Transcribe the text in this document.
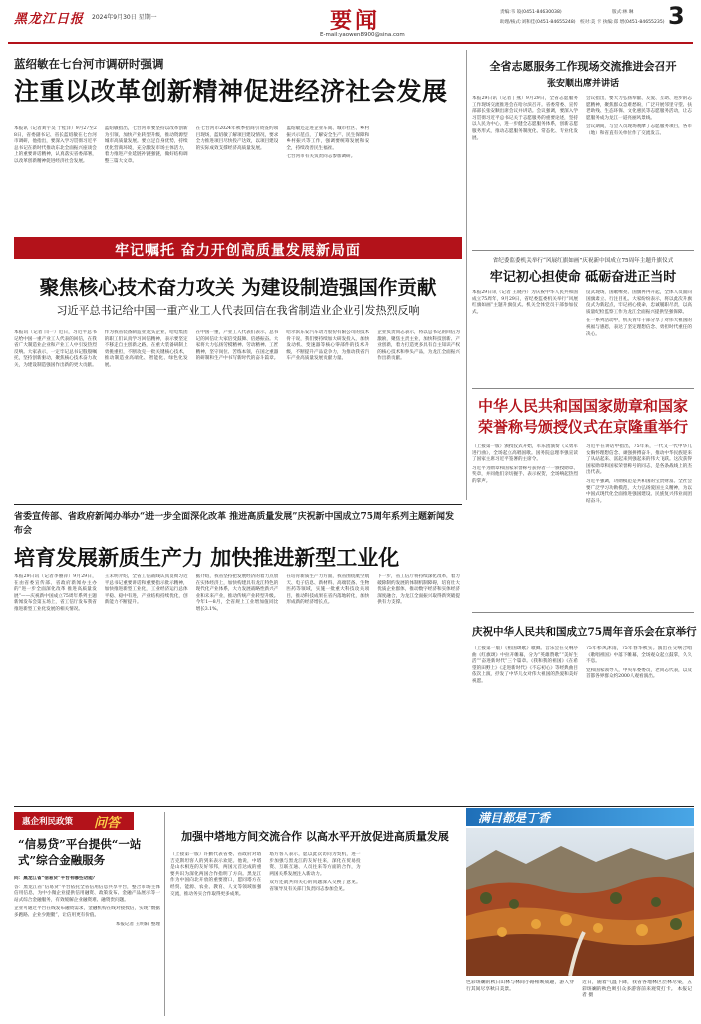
黑龙江日报 2024年9月30日 星期一	要闻
E-mail:yaowen8900@sina.com
责编:韦 皎(0451-84630038)	版式:林 琳
助理/核式:刘和佳(0451-84655248) 校对:美 卡 执编:郑 增(0451-84655235) 3
蓝绍敏在七台河市调研时强调
注重以改革创新精神促进经济社会发展

本报讯（记者刘宇昊 于桂洋）9月27至28日，省委副书记、省长蓝绍敏在七台河市调研，他指出，要深入学习贯彻习近平总书记在新时代推动东北全面振兴座谈会上的重要讲话精神，认真落实省委部署，以改革创新精神促进经济社会发展。

蓝绍敏指出，七台河市要坚持以改革创新为引领，加快产业转型升级，推动资源型城市高质量发展。要立足自身优势，持续优化营商环境，充分激发市场主体活力，着力推进产业延链补链强链，做好结构调整三篇大文章。

在七台河市2024年秋季招商引资签约项目现场，蓝绍敏了解项目建设情况，要求全力推进项目尽快投产达效，以项目建设的实际成效支撑经济高质量发展。

蓝绍敏还走进企业车间、城市社区、乡村振兴示范点，了解安全生产、民生保障和乡村振兴等工作，强调要统筹发展和安全，持续改善民生福祉。

七台河市有关负责同志参加调研。

牢记嘱托 奋力开创高质量发展新局面
聚焦核心技术奋力攻关 为建设制造强国作贡献
习近平总书记给中国一重产业工人代表回信在我省制造业企业引发热烈反响

本报讯（记者 闫一）近日，习近平总书记给中国一重产业工人代表的回信，在我省广大制造业企业和产业工人中引发热烈反响。大家表示，一定牢记总书记殷殷嘱托，坚持创新驱动，聚焦核心技术奋力攻关，为建设制造强国作出新的更大贡献。

作为我省装备制造业龙头企业，哈电集团的职工们认真学习回信精神，表示要坚定不移走自主创新之路，在重大装备研制上勇挑重担，不断攻克一批关键核心技术，推动制造业高端化、智能化、绿色化发展。

在中国一重，产业工人代表们表示，总书记的回信让大家倍受鼓舞、倍感振奋。大家将大力弘扬劳模精神、劳动精神、工匠精神，坚守岗位、苦练本领，在国之重器的研制和生产中书写新时代的奋斗篇章。

哈尔滨东安汽车动力股份有限公司的技术骨干说，我们要持续加大研发投入，加快发动机、变速器等核心零部件的技术升级，不断提升产品竞争力，为推动我省汽车产业高质量发展贡献力量。

企业负责同志表示，将以总书记的回信为激励，聚焦主责主业，加快科技创新、产业创新，着力打造更多具有自主知识产权的核心技术和拳头产品，为龙江全面振兴作出新贡献。

全省志愿服务工作现场交流推进会召开
张安顺出席并讲话

本报29日讯（记者丁燕）9月29日，全省志愿服务工作现场交流推进会在哈尔滨召开。省委常委、宣传部部长张安顺出席会议并讲话。会议强调，要深入学习贯彻习近平总书记关于志愿服务的重要论述，坚持以人民为中心，进一步健全志愿服务体系，创新志愿服务形式，推动志愿服务制度化、常态化、专业化发展。

会议指出，要大力弘扬奉献、友爱、互助、进步的志愿精神，聚焦群众急难愁盼，广泛开展邻里守望、扶老助残、生态环保、文化惠民等志愿服务活动，让志愿服务成为龙江一道亮丽风景线。

会议期间，与会人员现场观摩了志愿服务项目，各市（地）和省直有关单位作了交流发言。

省纪委监委机关举行“风展红旗如画”庆祝新中国成立75周年主题升旗仪式
牢记初心担使命 砥砺奋进正当时

本报29日讯（记者 王晓丹）为庆祝中华人民共和国成立75周年，9月29日，省纪委监委机关举行“风展红旗如画”主题升旗仪式。机关全体党员干部参加仪式。

仪式现场，国歌嘹亮、国旗冉冉升起，全体人员面向国旗肃立、行注目礼。大家纷纷表示，将以此次升旗仪式为新起点，牢记初心使命，忠诚履职尽责，以高质量纪检监察工作为龙江全面振兴提供坚强保障。

在一系列活动中，机关青年干部分享了对伟大祖国的祝福与感恩，表达了坚定理想信念、勇担时代重任的决心。

中华人民共和国国家勋章和国家荣誉称号颁授仪式在京隆重举行

（上接第一版）颁授仪式开始，军乐团演奏《义勇军进行曲》，全场起立高唱国歌。国务院总理李强宣读了国家主席习近平签署的主席令。

习近平为勋章和国家荣誉称号获得者一一颁授勋章、奖章，并同他们亲切握手、表示祝贺，全场响起热烈的掌声。

习近平在讲话中指出，75年来，一代又一代中华儿女胸怀理想信念、顽强拼搏奋斗，推动中华民族迎来了从站起来、富起来到强起来的伟大飞跃。这次获得国家勋章和国家荣誉称号的同志，是各条战线上的杰出代表。

习近平强调，功勋模范是共和国的宝贵财富。全社会要广泛学习功勋模范，大力弘扬爱国主义精神，为以中国式现代化全面推进强国建设、民族复兴伟业而团结奋斗。

省委宣传部、省政府新闻办举办“进一步全面深化改革 推进高质量发展”庆祝新中国成立75周年系列主题新闻发布会
培育发展新质生产力 加快推进新型工业化

本报29日讯（记者李丽萍）9月29日，在由省委宣传部、省政府新闻办主办的“进一步全面深化改革 推进高质量发展”——庆祝新中国成立75周年系列主题新闻发布会第五场上，省工信厅发布我省推进新型工业化发展的相关情况。

王未明介绍，全省工信战线认真贯彻习近平总书记重要讲话和重要指示批示精神，加快推进新型工业化，工业经济运行总体平稳、稳中有进，产业结构持续优化，创新能力不断提升。

据介绍，我省坚持把发展经济的着力点放在实体经济上，加快构建具有龙江特色的现代化产业体系，大力发展战略性新兴产业和未来产业，推动传统产业转型升级。今年1—8月，全省规上工业增加值同比增长3.1%。

在培育新质生产力方面，我省围绕航空航天、电子信息、新材料、高端装备、生物医药等领域，实施一批重大科技攻关项目，推动科技成果在省内落地转化，加快形成新的经济增长点。

下一步，省工信厅将持续深化改革，着力破除制约发展的体制机制障碍，培育壮大优质企业群体，推动数字经济和实体经济深度融合，为龙江全面振兴取得新突破提供有力支撑。

庆祝中华人民共和国成立75周年音乐会在京举行

（上接第一版）《祖国颂歌》歌舞。音乐会在交响序曲《红旗颂》中拉开帷幕，分为“英雄赞歌”“美好生活”“奋进新时代”三个篇章。《我和我的祖国》《在希望的田野上》《走进新时代》《不忘初心》等经典曲目依次上演，抒发了中华儿女对伟大祖国的热爱和美好祝愿。

75年栉风沐雨，75年春华秋实。演出在交响合唱《歌唱祖国》中落下帷幕，全场观众起立鼓掌，久久不息。

党和国家领导人，中央军委委员，老同志代表，以及首都各界群众约2000人观看演出。

惠企利民政策 问答
“信易贷”平台提供“一站式”综合金融服务

问：黑龙江省“信易贷”平台有哪些功能？

答：黑龙江省“信易贷”平台依托全省信用信息共享平台，整合市场主体信用信息，为中小微企业提供信用融资、政策发布、金融产品展示等一站式综合金融服务，有效缓解企业融资难、融资贵问题。

企业可通过平台在线发布融资需求，金融机构在线对接授信，实现“数据多跑路、企业少跑腿”，让信用更有价值。

本报记者 王明阳 整理

加强中塔地方间交流合作 以高水平开放促进高质量发展

（上接第一版）许勤代表省委、省政府对塔吉克斯坦客人的到来表示欢迎。他说，中塔是山水相连的友好邻邦，两国元首达成的重要共识为深化两国合作指明了方向。黑龙江作为中国向北开放的重要窗口，愿同塔方在经贸、能源、农业、教育、人文等领域加强交流，推动务实合作取得更多成果。

塔方客人表示，愿以此次访问为契机，进一步加强与黑龙江的友好往来，深化在贸易投资、互联互通、人员往来等方面的合作，为两国关系发展注入新动力。

双方还就共同关心的问题深入交换了意见。省领导及有关部门负责同志参加会见。

满目都是丁香
色彩斑斓的秋日山林与林间小路相映成趣，游人穿行其间尽享秋日美景。
近日，随着气温下降，我省各地林区层林尽染，五彩斑斓的秋色吸引众多游客前来观赏打卡。 本报记者 摄
